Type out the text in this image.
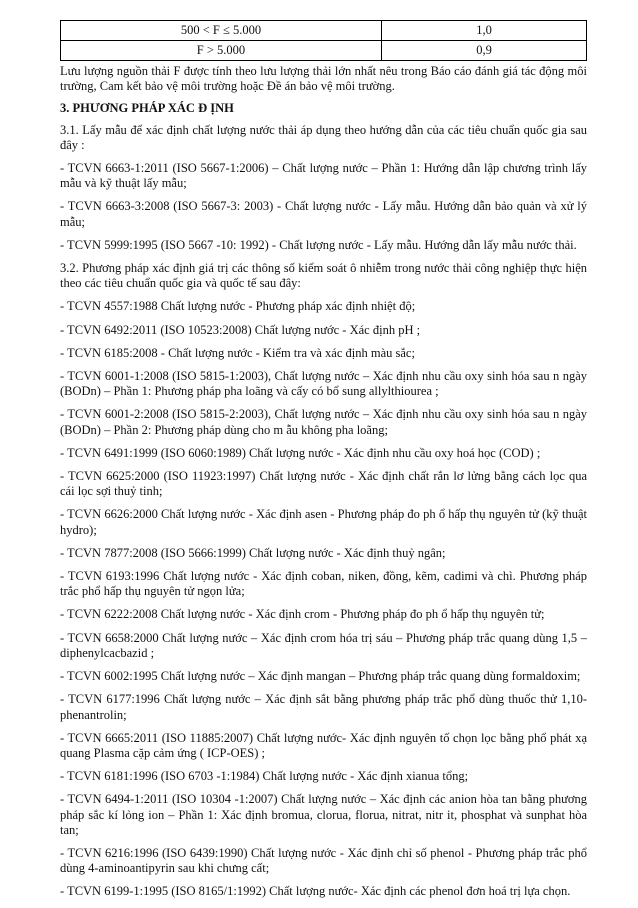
500 < F ≤ 5.000	1,0
F > 5.000	0,9

Lưu lượng nguồn thải F được tính theo lưu lượng thải lớn nhất nêu trong Báo cáo đánh giá tác động môi trường, Cam kết bảo vệ môi trường hoặc Đề án bảo vệ môi trường.

3. PHƯƠNG PHÁP XÁC Đ ỊNH

3.1. Lấy mẫu để xác định chất lượng nước thải áp dụng theo hướng dẫn của các tiêu chuẩn quốc gia sau đây :

- TCVN 6663-1:2011 (ISO 5667-1:2006) – Chất lượng nước – Phần 1: Hướng dẫn lập chương trình lấy mẫu và kỹ thuật lấy mẫu;

- TCVN 6663-3:2008 (ISO 5667-3: 2003) - Chất lượng nước - Lấy mẫu. Hướng dẫn bảo quản và xử lý mẫu;

- TCVN 5999:1995 (ISO 5667 -10: 1992) - Chất lượng nước - Lấy mẫu. Hướng dẫn lấy mẫu nước thải.

3.2. Phương pháp xác định giá trị các thông số kiểm soát ô nhiễm trong nước thải công nghiệp thực hiện theo các tiêu chuẩn quốc gia và quốc tế sau đây:

- TCVN 4557:1988 Chất lượng nước - Phương pháp xác định nhiệt độ;

- TCVN 6492:2011 (ISO 10523:2008) Chất lượng nước - Xác định pH ;

- TCVN 6185:2008 - Chất lượng nước - Kiểm tra và xác định màu sắc;

- TCVN 6001-1:2008 (ISO 5815-1:2003), Chất lượng nước – Xác định nhu cầu oxy sinh hóa sau n ngày (BODn) – Phần 1: Phương pháp pha loãng và cấy có bổ sung allylthiourea ;

- TCVN 6001-2:2008 (ISO 5815-2:2003), Chất lượng nước – Xác định nhu cầu oxy sinh hóa sau n ngày (BODn) – Phần 2: Phương pháp dùng cho m ẫu không pha loãng;

- TCVN 6491:1999 (ISO 6060:1989) Chất lượng nước - Xác định nhu cầu oxy hoá học (COD) ;

- TCVN 6625:2000 (ISO 11923:1997) Chất lượng nước - Xác định chất rắn lơ lửng bằng cách lọc qua cái lọc sợi thuỷ tinh;

- TCVN 6626:2000 Chất lượng nước - Xác định asen - Phương pháp đo ph ổ hấp thụ nguyên tử (kỹ thuật hydro);

- TCVN 7877:2008 (ISO 5666:1999) Chất lượng nước - Xác định thuỷ ngân;

- TCVN 6193:1996 Chất lượng nước - Xác định coban, niken, đồng, kẽm, cadimi và chì. Phương pháp trắc phổ hấp thụ nguyên tử ngọn lửa;

- TCVN 6222:2008 Chất lượng nước - Xác định crom - Phương pháp đo ph ổ hấp thụ nguyên tử;

- TCVN 6658:2000 Chất lượng nước – Xác định crom hóa trị sáu – Phương pháp trắc quang dùng 1,5 – diphenylcacbazid ;

- TCVN 6002:1995 Chất lượng nước – Xác định mangan – Phương pháp trắc quang dùng formaldoxim;

- TCVN 6177:1996 Chất lượng nước – Xác định sắt bằng phương pháp trắc phổ dùng thuốc thử 1,10-phenantrolin;

- TCVN 6665:2011 (ISO 11885:2007) Chất lượng nước- Xác định nguyên tố chọn lọc bằng phổ phát xạ quang Plasma cặp cảm ứng ( ICP-OES) ;

- TCVN 6181:1996 (ISO 6703 -1:1984) Chất lượng nước - Xác định xianua tổng;

- TCVN 6494-1:2011 (ISO 10304 -1:2007) Chất lượng nước – Xác định các anion hòa tan bằng phương pháp sắc kí lỏng ion – Phần 1: Xác định bromua, clorua, florua, nitrat, nitr it, phosphat và sunphat hòa tan;

- TCVN 6216:1996 (ISO 6439:1990) Chất lượng nước - Xác định chỉ số phenol - Phương pháp trắc phổ dùng 4-aminoantipyrin sau khi chưng cất;

- TCVN 6199-1:1995 (ISO 8165/1:1992) Chất lượng nước- Xác định các phenol đơn hoá trị lựa chọn.
